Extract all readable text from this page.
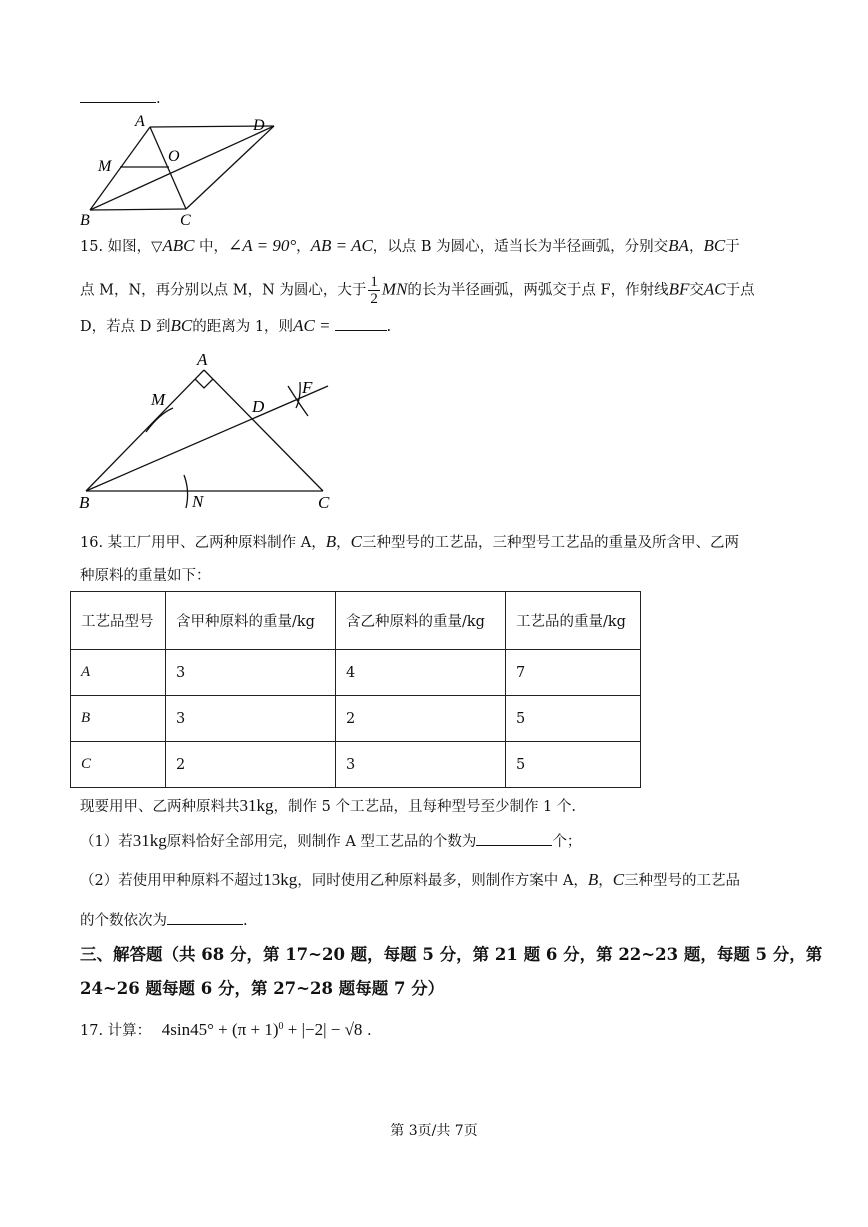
.
A	D
M
O
B	C
15. 如图，▽ABC 中，∠A = 90°，AB = AC，以点 B 为圆心，适当长为半径画弧，分别交BA，BC于
点 M，N，再分别以点 M，N 为圆心，大于 $\frac{1}{2}$ MN的长为半径画弧，两弧交于点 F，作射线BF交AC于点
D，若点 D 到BC的距离为 1，则AC =	.
A
M	D
F
B	N	C
16. 某工厂用甲、乙两种原料制作 A，B，C三种型号的工艺品，三种型号工艺品的重量及所含甲、乙两
种原料的重量如下：
工艺品型号	含甲种原料的重量/kg	含乙种原料的重量/kg	工艺品的重量/kg
A	3	4	7
B	3	2	5
C	2	3	5
现要用甲、乙两种原料共31kg，制作 5 个工艺品，且每种型号至少制作 1 个.
（1）若31kg原料恰好全部用完，则制作 A 型工艺品的个数为	个；
（2）若使用甲种原料不超过13kg，同时使用乙种原料最多，则制作方案中 A，B，C三种型号的工艺品
的个数依次为	.
三、解答题（共 68 分，第 17~20 题，每题 5 分，第 21 题 6 分，第 22~23 题，每题 5 分，第
24~26 题每题 6 分，第 27~28 题每题 7 分）
17. 计算： $4\sin 45^\circ + (\pi + 1)^0 + |-2| - √8$ .
第 3页/共 7页
